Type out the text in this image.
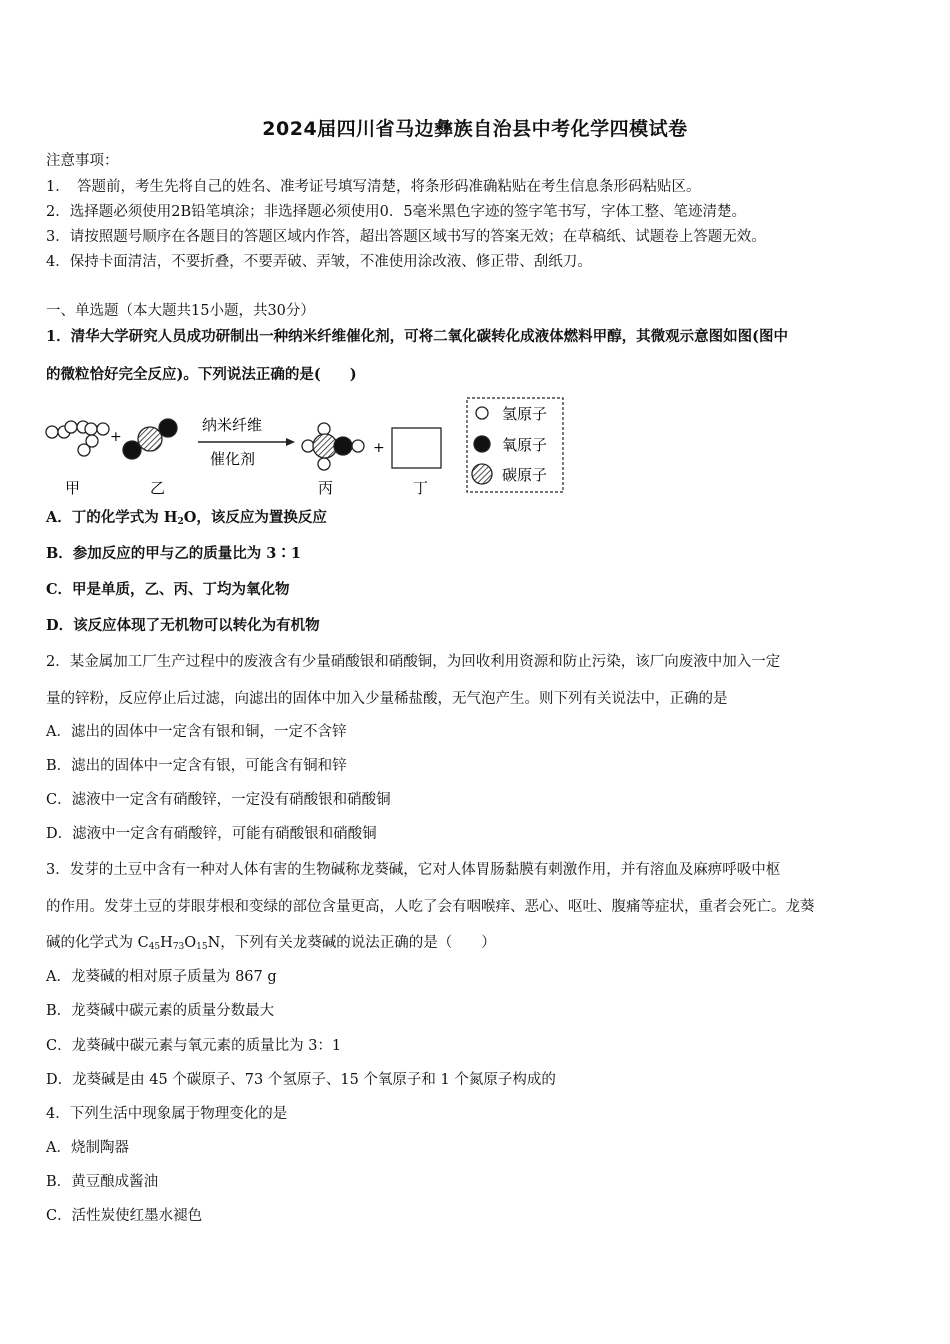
2024届四川省马边彝族自治县中考化学四模试卷
注意事项：
1．　答题前，考生先将自己的姓名、准考证号填写清楚，将条形码准确粘贴在考生信息条形码粘贴区。
2．选择题必须使用2B铅笔填涂；非选择题必须使用0．5毫米黑色字迹的签字笔书写，字体工整、笔迹清楚。
3．请按照题号顺序在各题目的答题区域内作答，超出答题区域书写的答案无效；在草稿纸、试题卷上答题无效。
4．保持卡面清洁，不要折叠，不要弄破、弄皱，不准使用涂改液、修正带、刮纸刀。
一、单选题（本大题共15小题，共30分）
1．清华大学研究人员成功研制出一种纳米纤维催化剂，可将二氧化碳转化成液体燃料甲醇，其微观示意图如图(图中
的微粒恰好完全反应)。下列说法正确的是(　　)
+
纳米纤维
催化剂
+
甲	乙	丙	丁
氢原子
氧原子
碳原子
A．丁的化学式为 $H_2O$，该反应为置换反应
B．参加反应的甲与乙的质量比为 3∶1
C．甲是单质，乙、丙、丁均为氧化物
D．该反应体现了无机物可以转化为有机物
2．某金属加工厂生产过程中的废液含有少量硝酸银和硝酸铜，为回收利用资源和防止污染，该厂向废液中加入一定
量的锌粉，反应停止后过滤，向滤出的固体中加入少量稀盐酸，无气泡产生。则下列有关说法中，正确的是
A．滤出的固体中一定含有银和铜，一定不含锌
B．滤出的固体中一定含有银，可能含有铜和锌
C．滤液中一定含有硝酸锌，一定没有硝酸银和硝酸铜
D．滤液中一定含有硝酸锌，可能有硝酸银和硝酸铜
3．发芽的土豆中含有一种对人体有害的生物碱称龙葵碱，它对人体胃肠黏膜有刺激作用，并有溶血及麻痹呼吸中枢
的作用。发芽土豆的芽眼芽根和变绿的部位含量更高，人吃了会有咽喉痒、恶心、呕吐、腹痛等症状，重者会死亡。龙葵
碱的化学式为 $C_{45}H_{73}O_{15}N$，下列有关龙葵碱的说法正确的是（　　）
A．龙葵碱的相对原子质量为 867 g
B．龙葵碱中碳元素的质量分数最大
C．龙葵碱中碳元素与氧元素的质量比为 3：1
D．龙葵碱是由 45 个碳原子、73 个氢原子、15 个氧原子和 1 个氮原子构成的
4．下列生活中现象属于物理变化的是
A．烧制陶器
B．黄豆酿成酱油
C．活性炭使红墨水褪色
